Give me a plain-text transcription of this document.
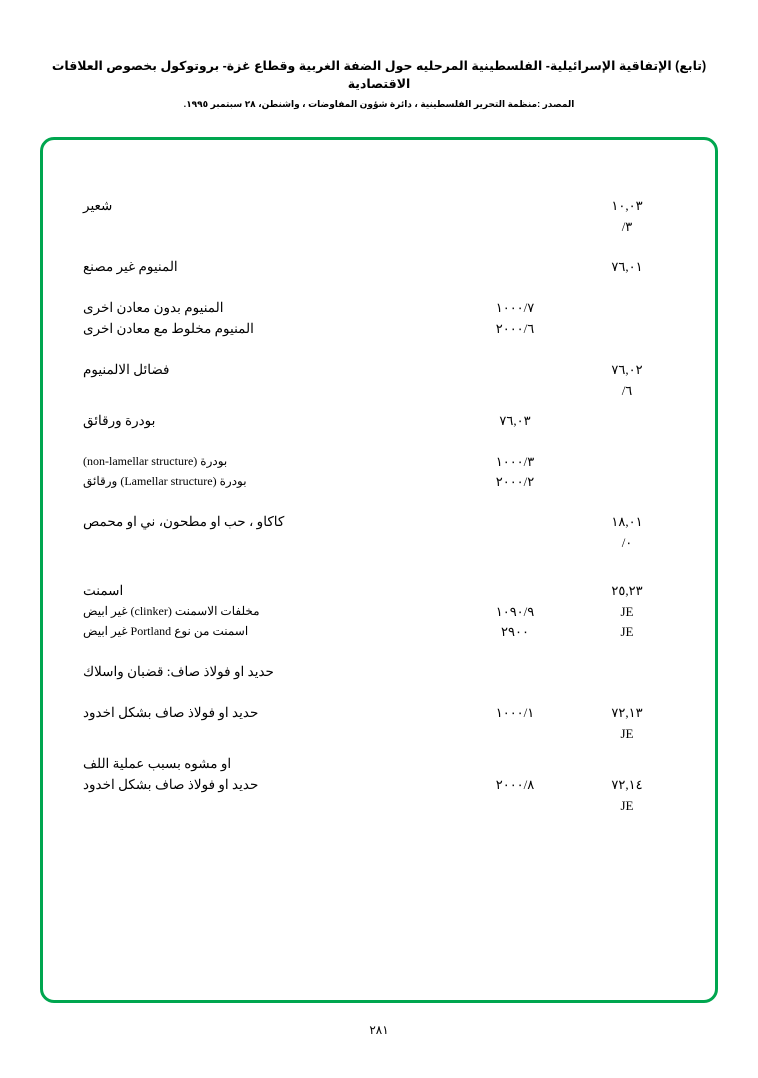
(تابع) الإتفاقية الإسرائيلية- الفلسطينية المرحليه حول الضفة الغربية وقطاع غزة- بروتوكول بخصوص العلاقات الاقتصادية
المصدر :منظمة التحرير الفلسطينية ، دائرة شؤون المفاوضات ، واشنطن، ٢٨ سبتمبر ١٩٩٥.
١٠,٠٣
شعير
/٣
٧٦,٠١
المنيوم غير مصنع
١٠٠٠/٧
المنيوم بدون معادن اخرى
٢٠٠٠/٦
المنيوم مخلوط مع معادن اخرى
٧٦,٠٢
فضائل الالمنيوم
/٦
٧٦,٠٣
بودرة ورقائق
١٠٠٠/٣
بودرة (non-lamellar structure)
٢٠٠٠/٢
بودرة (Lamellar structure) ورقائق
١٨,٠١
كاكاو ، حب او مطحون، ني او محمص
/٠
٢٥,٢٣
اسمنت
JE
١٠٩٠/٩
مخلفات الاسمنت (clinker) غير ابيض
JE
٢٩٠٠
اسمنت من نوع Portland غير ابيض
حديد او فولاذ صاف: قضبان واسلاك
٧٢,١٣
١٠٠٠/١
حديد او فولاذ صاف بشكل اخدود
JE
او مشوه بسبب عملية اللف
٧٢,١٤
٢٠٠٠/٨
حديد او فولاذ صاف بشكل اخدود
JE
٢٨١
